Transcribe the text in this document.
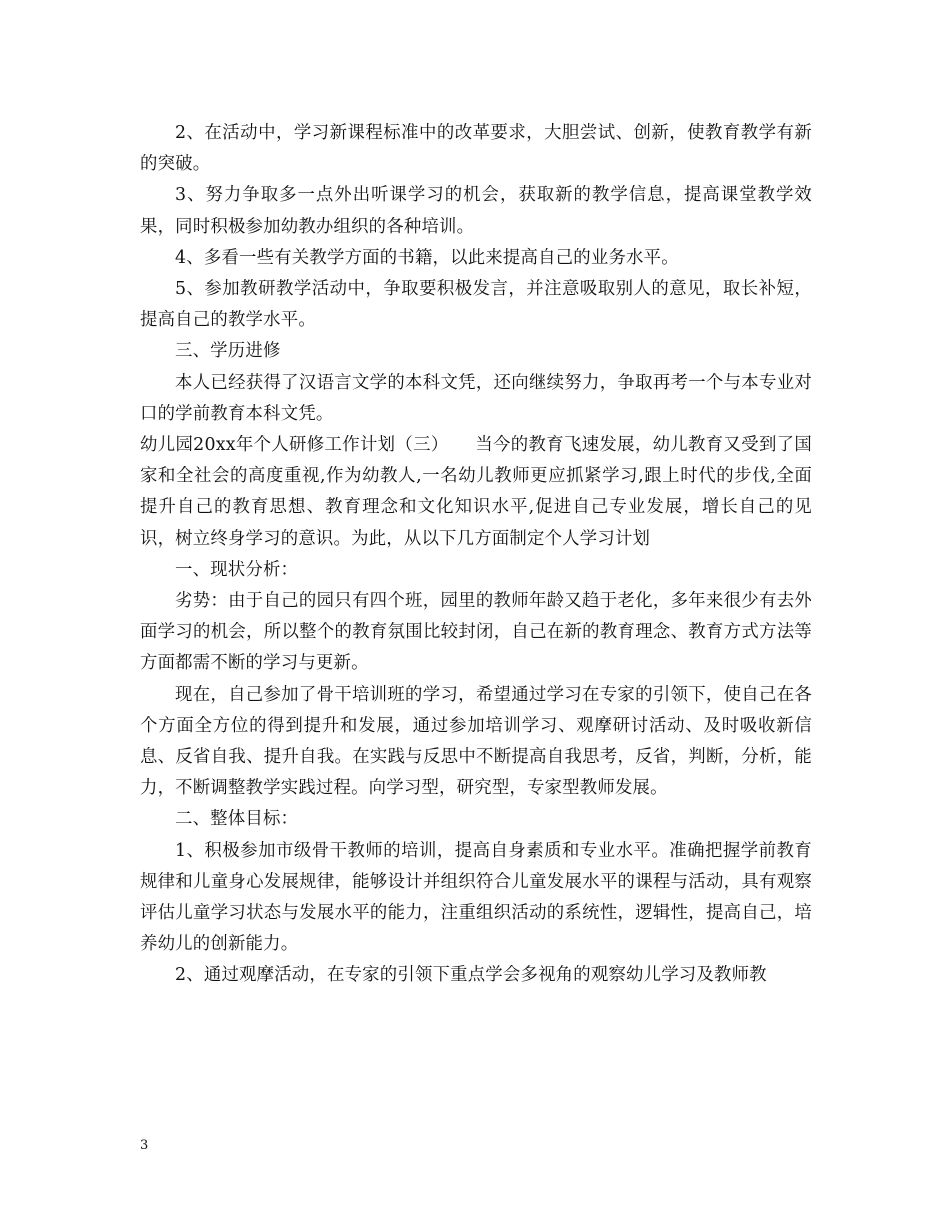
2、在活动中，学习新课程标准中的改革要求，大胆尝试、创新，使教育教学有新的突破。

3、努力争取多一点外出听课学习的机会，获取新的教学信息，提高课堂教学效果，同时积极参加幼教办组织的各种培训。

4、多看一些有关教学方面的书籍，以此来提高自己的业务水平。

5、参加教研教学活动中，争取要积极发言，并注意吸取别人的意见，取长补短，提高自己的教学水平。

三、学历进修

本人已经获得了汉语言文学的本科文凭，还向继续努力，争取再考一个与本专业对口的学前教育本科文凭。

幼儿园20xx年个人研修工作计划（三）　　当今的教育飞速发展，幼儿教育又受到了国家和全社会的高度重视,作为幼教人,一名幼儿教师更应抓紧学习,跟上时代的步伐,全面提升自己的教育思想、教育理念和文化知识水平,促进自己专业发展，增长自己的见识，树立终身学习的意识。为此，从以下几方面制定个人学习计划

一、现状分析：

劣势：由于自己的园只有四个班，园里的教师年龄又趋于老化，多年来很少有去外面学习的机会，所以整个的教育氛围比较封闭，自己在新的教育理念、教育方式方法等方面都需不断的学习与更新。

现在，自己参加了骨干培训班的学习，希望通过学习在专家的引领下，使自己在各个方面全方位的得到提升和发展，通过参加培训学习、观摩研讨活动、及时吸收新信息、反省自我、提升自我。在实践与反思中不断提高自我思考，反省，判断，分析，能力，不断调整教学实践过程。向学习型，研究型，专家型教师发展。

二、整体目标：

1、积极参加市级骨干教师的培训，提高自身素质和专业水平。准确把握学前教育规律和儿童身心发展规律，能够设计并组织符合儿童发展水平的课程与活动，具有观察评估儿童学习状态与发展水平的能力，注重组织活动的系统性，逻辑性，提高自己，培养幼儿的创新能力。

2、通过观摩活动，在专家的引领下重点学会多视角的观察幼儿学习及教师教

3
